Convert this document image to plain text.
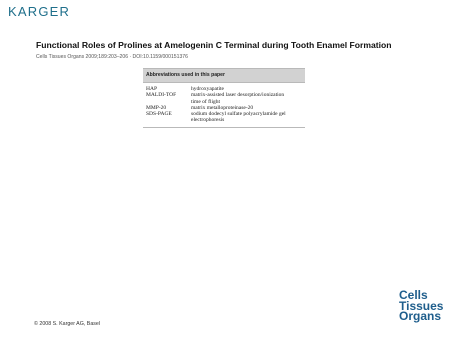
KARGER
Functional Roles of Prolines at Amelogenin C Terminal during Tooth Enamel Formation
Cells Tissues Organs 2009;189:203–206 · DOI:10.1159/000151376
Abbreviations used in this paper
HAP	hydroxyapatite
MALDI-TOF	matrix-assisted laser desorption/ionization
time of flight
MMP-20	matrix metalloproteinase-20
SDS-PAGE	sodium dodecyl sulfate polyacrylamide gel
electrophoresis
© 2008 S. Karger AG, Basel
Cells
Tissues
Organs
